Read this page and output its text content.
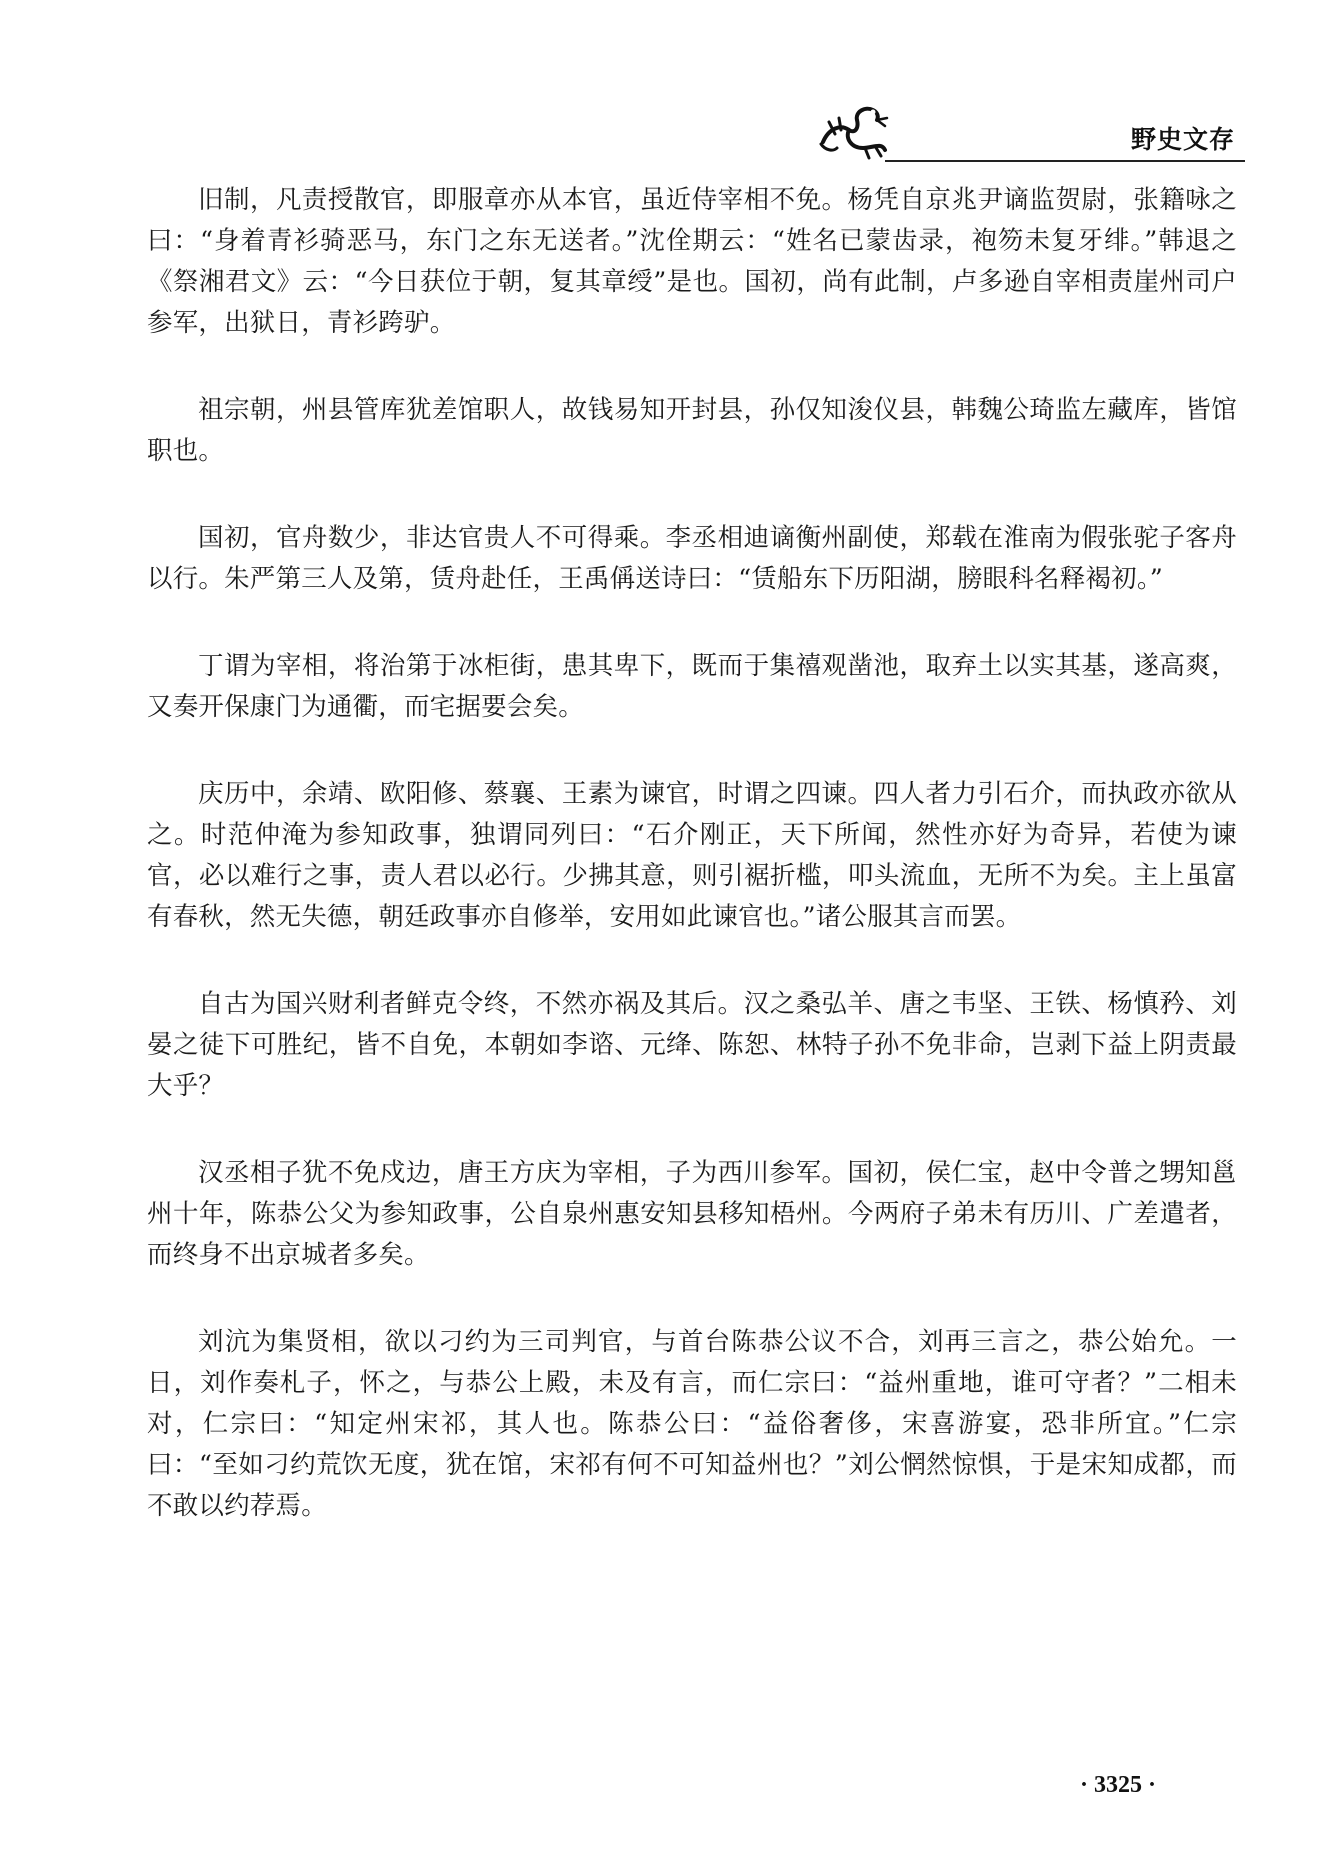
野史文存

旧制，凡责授散官，即服章亦从本官，虽近侍宰相不免。杨凭自京兆尹谪监贺尉，张籍咏之曰：“身着青衫骑恶马，东门之东无送者。”沈佺期云：“姓名已蒙齿录，袍笏未复牙绯。”韩退之《祭湘君文》云：“今日获位于朝，复其章绶”是也。国初，尚有此制，卢多逊自宰相责崖州司户参军，出狱日，青衫跨驴。

祖宗朝，州县管库犹差馆职人，故钱易知开封县，孙仅知浚仪县，韩魏公琦监左藏库，皆馆职也。

国初，官舟数少，非达官贵人不可得乘。李丞相迪谪衡州副使，郑载在淮南为假张驼子客舟以行。朱严第三人及第，赁舟赴任，王禹偁送诗曰：“赁船东下历阳湖，膀眼科名释褐初。”

丁谓为宰相，将治第于冰柜街，患其卑下，既而于集禧观凿池，取弃土以实其基，遂高爽，又奏开保康门为通衢，而宅据要会矣。

庆历中，余靖、欧阳修、蔡襄、王素为谏官，时谓之四谏。四人者力引石介，而执政亦欲从之。时范仲淹为参知政事，独谓同列曰：“石介刚正，天下所闻，然性亦好为奇异，若使为谏官，必以难行之事，责人君以必行。少拂其意，则引裾折槛，叩头流血，无所不为矣。主上虽富有春秋，然无失德，朝廷政事亦自修举，安用如此谏官也。”诸公服其言而罢。

自古为国兴财利者鲜克令终，不然亦祸及其后。汉之桑弘羊、唐之韦坚、王铁、杨慎矜、刘晏之徒下可胜纪，皆不自免，本朝如李谘、元绛、陈恕、林特子孙不免非命，岂剥下益上阴责最大乎？

汉丞相子犹不免戍边，唐王方庆为宰相，子为西川参军。国初，侯仁宝，赵中令普之甥知邕州十年，陈恭公父为参知政事，公自泉州惠安知县移知梧州。今两府子弟未有历川、广差遣者，而终身不出京城者多矣。

刘沆为集贤相，欲以刁约为三司判官，与首台陈恭公议不合，刘再三言之，恭公始允。一日，刘作奏札子，怀之，与恭公上殿，未及有言，而仁宗曰：“益州重地，谁可守者？”二相未对，仁宗曰：“知定州宋祁，其人也。陈恭公曰：“益俗奢侈，宋喜游宴，恐非所宜。”仁宗曰：“至如刁约荒饮无度，犹在馆，宋祁有何不可知益州也？”刘公惘然惊惧，于是宋知成都，而不敢以约荐焉。

· 3325 ·
